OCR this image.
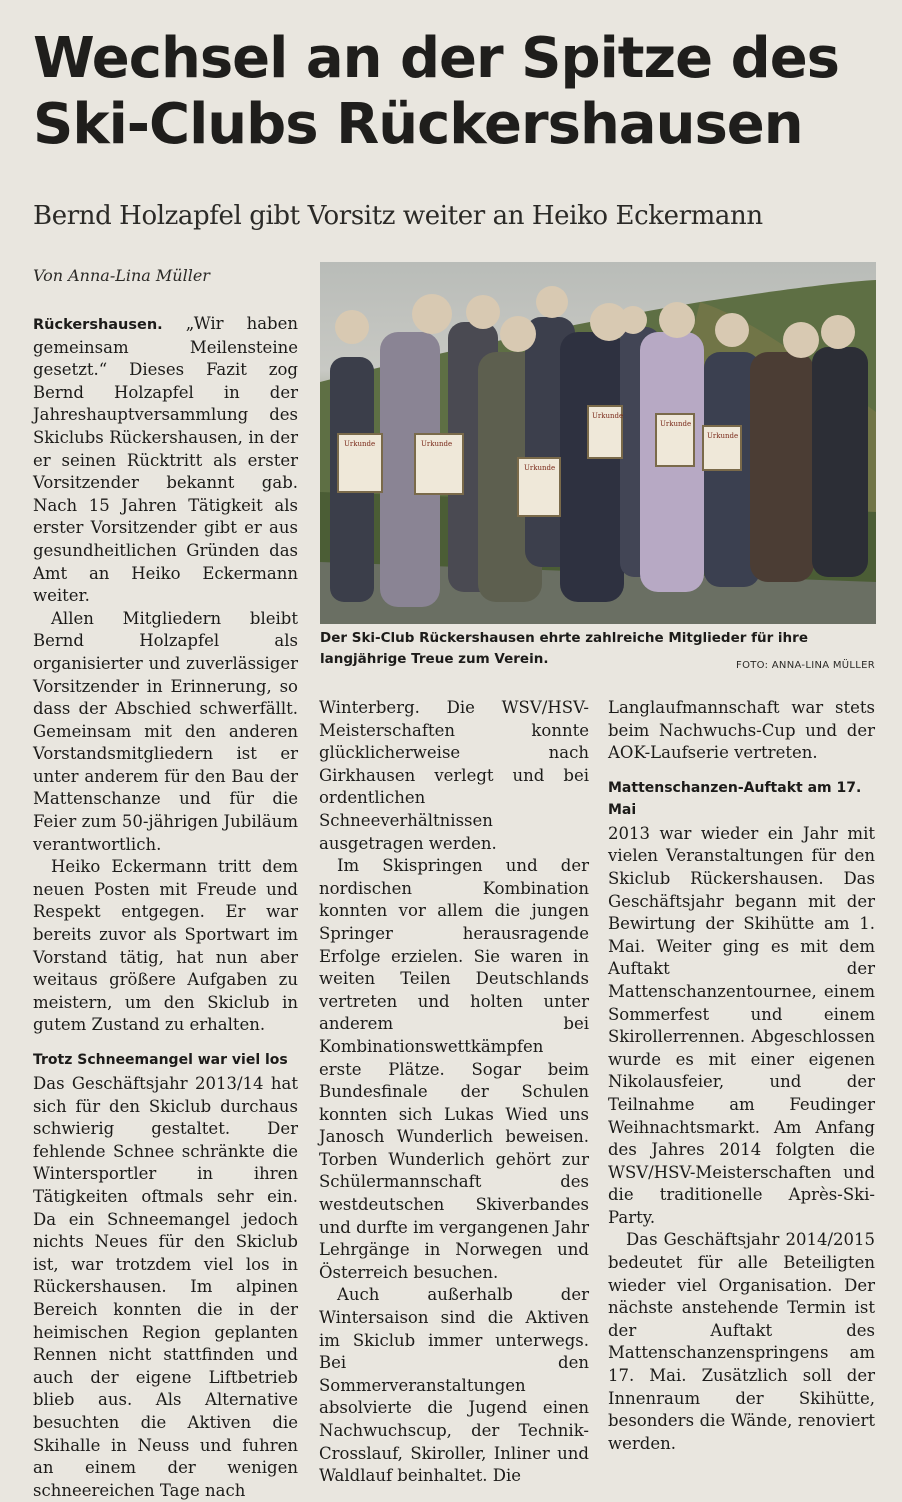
Wechsel an der Spitze des Ski-Clubs Rückershausen
Bernd Holzapfel gibt Vorsitz weiter an Heiko Eckermann

Von Anna-Lina Müller

Rückershausen. „Wir haben gemeinsam Meilensteine gesetzt.“ Dieses Fazit zog Bernd Holzapfel in der Jahreshauptversammlung des Skiclubs Rückershausen, in der er seinen Rücktritt als erster Vorsitzender bekannt gab. Nach 15 Jahren Tätigkeit als erster Vorsitzender gibt er aus gesundheitlichen Gründen das Amt an Heiko Eckermann weiter.

Allen Mitgliedern bleibt Bernd Holzapfel als organisierter und zuverlässiger Vorsitzender in Erinnerung, so dass der Abschied schwerfällt. Gemeinsam mit den anderen Vorstandsmitgliedern ist er unter anderem für den Bau der Mattenschanze und für die Feier zum 50-jährigen Jubiläum verantwortlich.

Heiko Eckermann tritt dem neuen Posten mit Freude und Respekt entgegen. Er war bereits zuvor als Sportwart im Vorstand tätig, hat nun aber weitaus größere Aufgaben zu meistern, um den Skiclub in gutem Zustand zu erhalten.

Trotz Schneemangel war viel los

Das Geschäftsjahr 2013/14 hat sich für den Skiclub durchaus schwierig gestaltet. Der fehlende Schnee schränkte die Wintersportler in ihren Tätigkeiten oftmals sehr ein. Da ein Schneemangel jedoch nichts Neues für den Skiclub ist, war trotzdem viel los in Rückershausen. Im alpinen Bereich konnten die in der heimischen Region geplanten Rennen nicht stattfinden und auch der eigene Liftbetrieb blieb aus. Als Alternative besuchten die Aktiven die Skihalle in Neuss und fuhren an einem der wenigen schneereichen Tage nach

Urkunde	Urkunde
Urkunde
Urkunde
Urkunde
Urkunde

Der Ski-Club Rückershausen ehrte zahlreiche Mitglieder für ihre langjährige Treue zum Verein.	FOTO: ANNA-LINA MÜLLER

Winterberg. Die WSV/HSV-Meisterschaften konnte glücklicherweise nach Girkhausen verlegt und bei ordentlichen Schneeverhältnissen ausgetragen werden.

Im Skispringen und der nordischen Kombination konnten vor allem die jungen Springer herausragende Erfolge erzielen. Sie waren in weiten Teilen Deutschlands vertreten und holten unter anderem bei Kombinationswettkämpfen erste Plätze. Sogar beim Bundesfinale der Schulen konnten sich Lukas Wied uns Janosch Wunderlich beweisen. Torben Wunderlich gehört zur Schülermannschaft des westdeutschen Skiverbandes und durfte im vergangenen Jahr Lehrgänge in Norwegen und Österreich besuchen.

Auch außerhalb der Wintersaison sind die Aktiven im Skiclub immer unterwegs. Bei den Sommerveranstaltungen absolvierte die Jugend einen Nachwuchscup, der Technik-Crosslauf, Skiroller, Inliner und Waldlauf beinhaltet. Die

Langlaufmannschaft war stets beim Nachwuchs-Cup und der AOK-Laufserie vertreten.

Mattenschanzen-Auftakt am 17. Mai

2013 war wieder ein Jahr mit vielen Veranstaltungen für den Skiclub Rückershausen. Das Geschäftsjahr begann mit der Bewirtung der Skihütte am 1. Mai. Weiter ging es mit dem Auftakt der Mattenschanzentournee, einem Sommerfest und einem Skirollerrennen. Abgeschlossen wurde es mit einer eigenen Nikolausfeier, und der Teilnahme am Feudinger Weihnachtsmarkt. Am Anfang des Jahres 2014 folgten die WSV/HSV-Meisterschaften und die traditionelle Après-Ski-Party.

Das Geschäftsjahr 2014/2015 bedeutet für alle Beteiligten wieder viel Organisation. Der nächste anstehende Termin ist der Auftakt des Mattenschanzenspringens am 17. Mai. Zusätzlich soll der Innenraum der Skihütte, besonders die Wände, renoviert werden.
